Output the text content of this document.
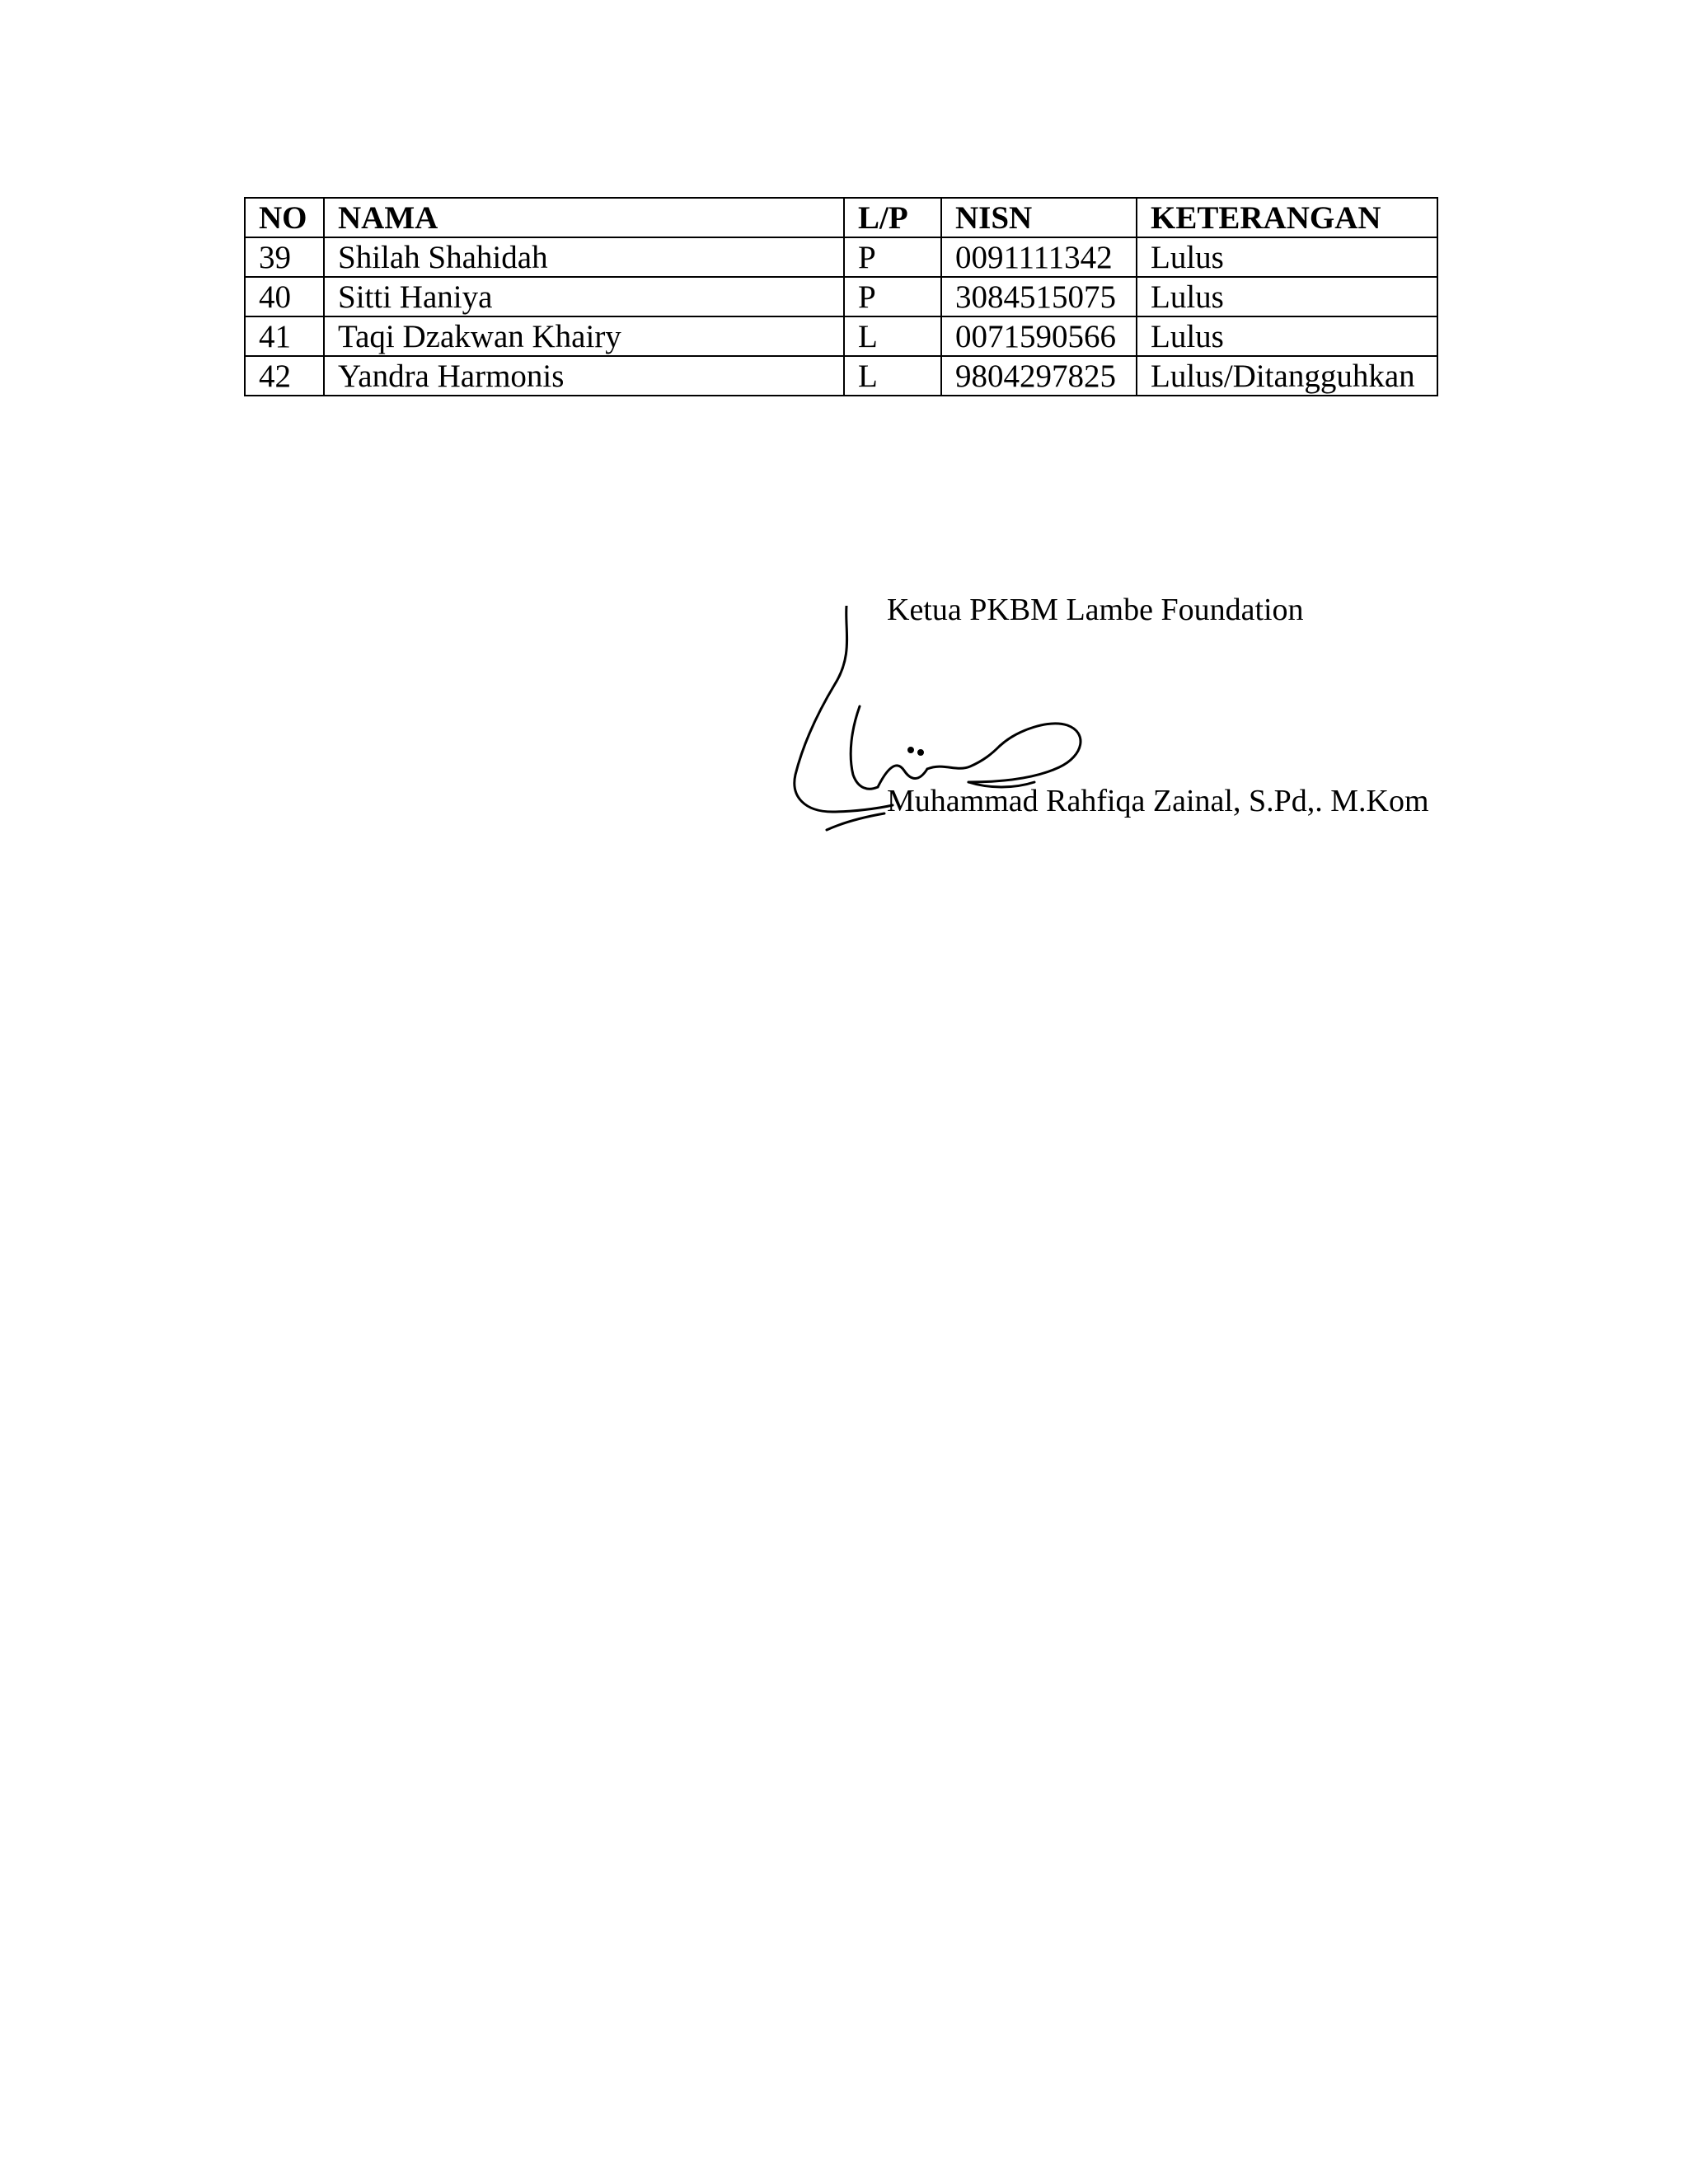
NO	NAMA	L/P	NISN	KETERANGAN
39	Shilah Shahidah	P	0091111342	Lulus
40	Sitti Haniya	P	3084515075	Lulus
41	Taqi Dzakwan Khairy	L	0071590566	Lulus
42	Yandra Harmonis	L	9804297825	Lulus/Ditangguhkan
Ketua PKBM Lambe Foundation
Muhammad Rahfiqa Zainal, S.Pd,. M.Kom
